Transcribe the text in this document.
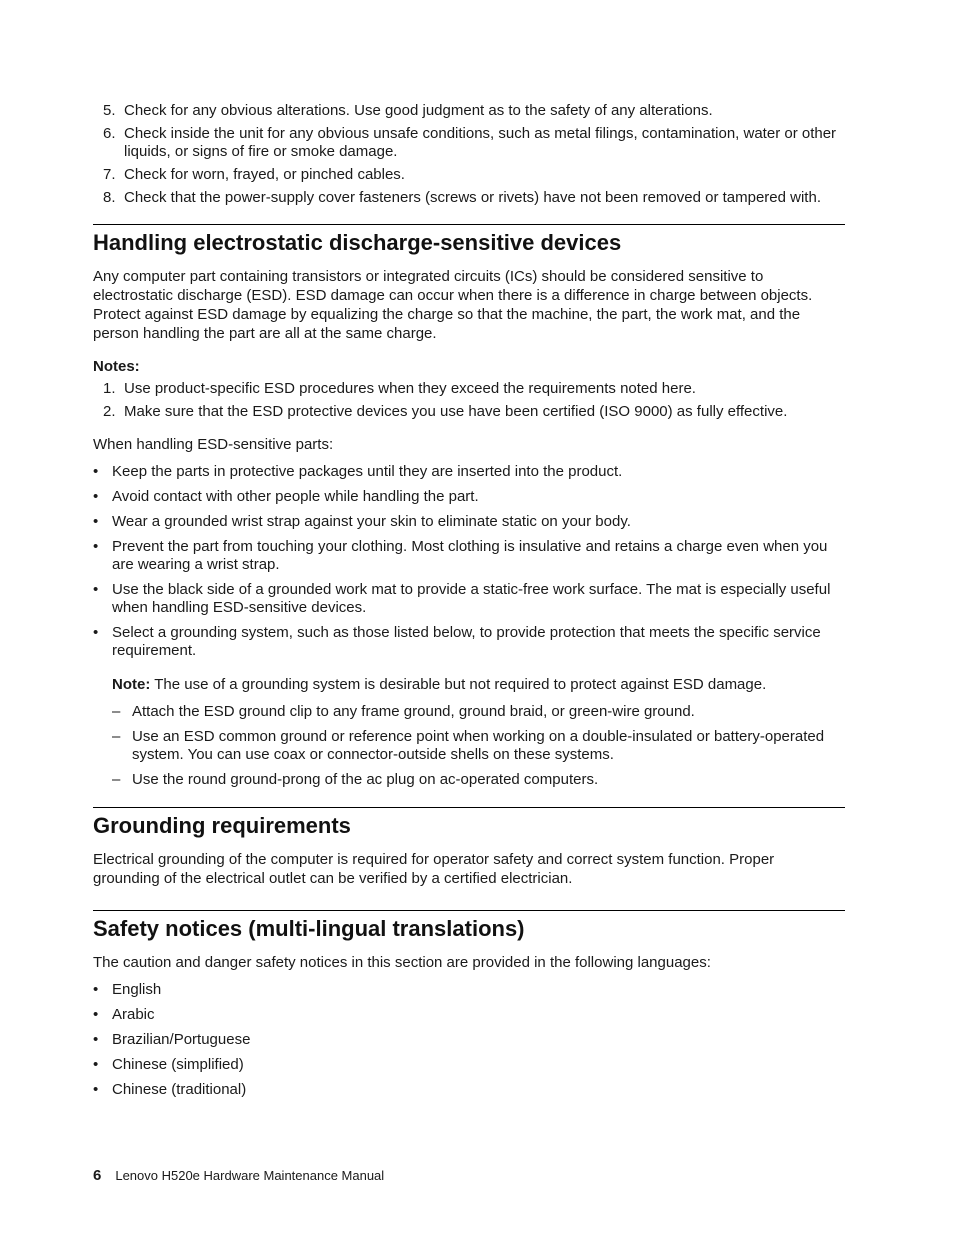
5. Check for any obvious alterations. Use good judgment as to the safety of any alterations.
6. Check inside the unit for any obvious unsafe conditions, such as metal filings, contamination, water or other liquids, or signs of fire or smoke damage.
7. Check for worn, frayed, or pinched cables.
8. Check that the power-supply cover fasteners (screws or rivets) have not been removed or tampered with.
Handling electrostatic discharge-sensitive devices

Any computer part containing transistors or integrated circuits (ICs) should be considered sensitive to electrostatic discharge (ESD). ESD damage can occur when there is a difference in charge between objects. Protect against ESD damage by equalizing the charge so that the machine, the part, the work mat, and the person handling the part are all at the same charge.

Notes:
1. Use product-specific ESD procedures when they exceed the requirements noted here.
2. Make sure that the ESD protective devices you use have been certified (ISO 9000) as fully effective.

When handling ESD-sensitive parts:

• Keep the parts in protective packages until they are inserted into the product.
• Avoid contact with other people while handling the part.
• Wear a grounded wrist strap against your skin to eliminate static on your body.
• Prevent the part from touching your clothing. Most clothing is insulative and retains a charge even when you are wearing a wrist strap.
• Use the black side of a grounded work mat to provide a static-free work surface. The mat is especially useful when handling ESD-sensitive devices.
• Select a grounding system, such as those listed below, to provide protection that meets the specific service requirement.

Note: The use of a grounding system is desirable but not required to protect against ESD damage.

– Attach the ESD ground clip to any frame ground, ground braid, or green-wire ground.
– Use an ESD common ground or reference point when working on a double-insulated or battery-operated system. You can use coax or connector-outside shells on these systems.
– Use the round ground-prong of the ac plug on ac-operated computers.
Grounding requirements

Electrical grounding of the computer is required for operator safety and correct system function. Proper grounding of the electrical outlet can be verified by a certified electrician.

Safety notices (multi-lingual translations)

The caution and danger safety notices in this section are provided in the following languages:

• English
• Arabic
• Brazilian/Portuguese
• Chinese (simplified)
• Chinese (traditional)
6 Lenovo H520e Hardware Maintenance Manual
